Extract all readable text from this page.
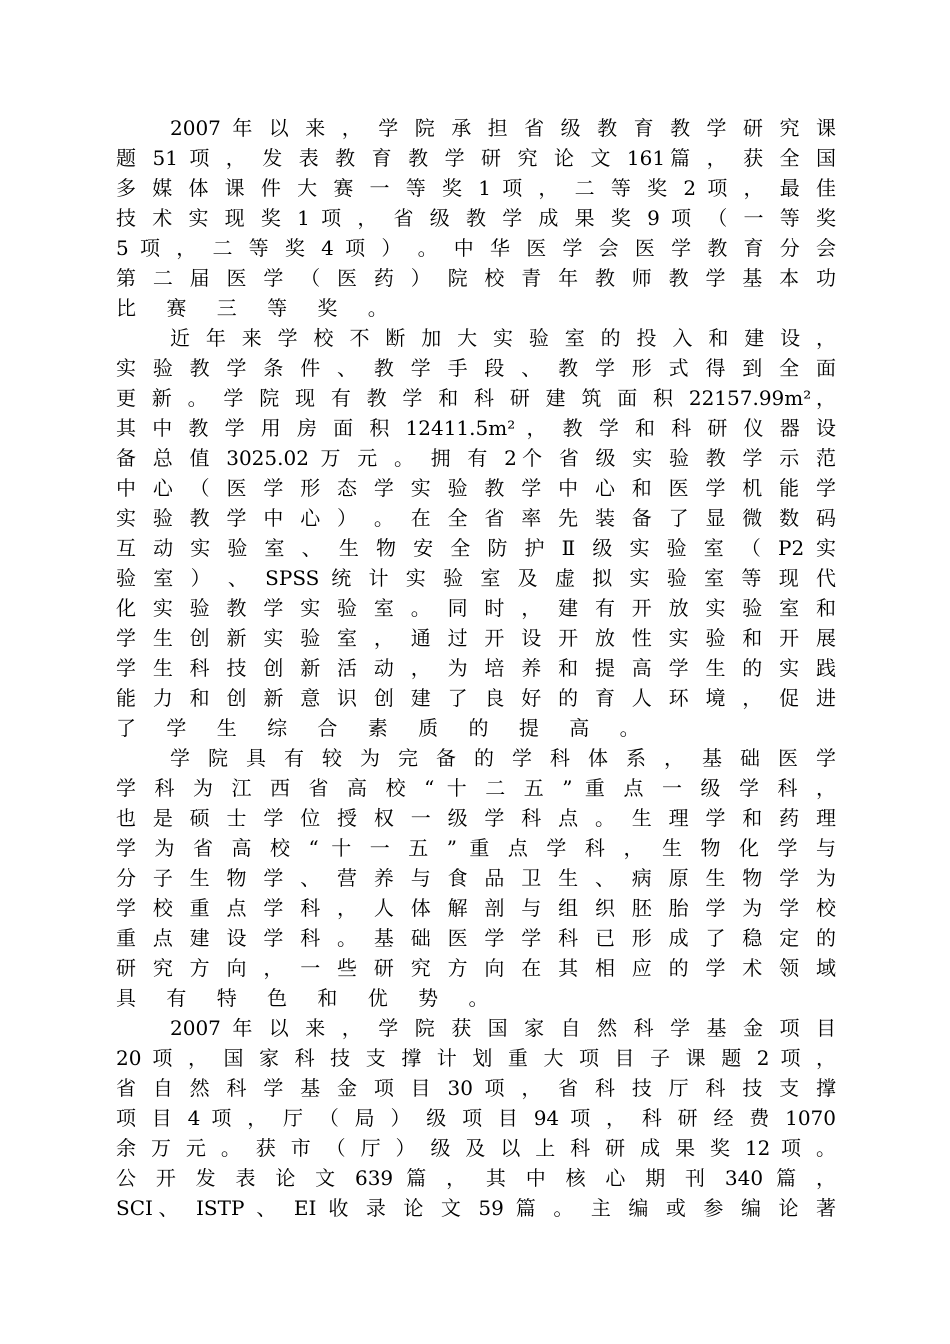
2007 年 以 来 ， 学 院 承 担 省 级 教 育 教 学 研 究 课
题 51 项 ， 发 表 教 育 教 学 研 究 论 文 161篇 ， 获 全 国
多 媒 体 课 件 大 赛 一 等 奖 1 项 ， 二 等 奖 2 项 ， 最 佳
技 术 实 现 奖 1 项 ， 省 级 教 学 成 果 奖 9 项 （ 一 等 奖
5 项 ， 二 等 奖 4 项 ） 。 中 华 医 学 会 医 学 教 育 分 会
第 二 届 医 学 （ 医 药 ） 院 校 青 年 教 师 教 学 基 本 功
比 赛 三 等 奖 。
近 年 来 学 校 不 断 加 大 实 验 室 的 投 入 和 建 设 ，
实 验 教 学 条 件 、 教 学 手 段 、 教 学 形 式 得 到 全 面
更 新 。 学 院 现 有 教 学 和 科 研 建 筑 面 积 22157.99m²，
其 中 教 学 用 房 面 积 12411.5m² ， 教 学 和 科 研 仪 器 设
备 总 值 3025.02 万 元 。 拥 有 2个 省 级 实 验 教 学 示 范
中 心 （ 医 学 形 态 学 实 验 教 学 中 心 和 医 学 机 能 学
实 验 教 学 中 心 ） 。 在 全 省 率 先 装 备 了 显 微 数 码
互 动 实 验 室 、 生 物 安 全 防 护 Ⅱ 级 实 验 室 （ P2 实
验 室 ） 、 SPSS 统 计 实 验 室 及 虚 拟 实 验 室 等 现 代
化 实 验 教 学 实 验 室 。 同 时 ， 建 有 开 放 实 验 室 和
学 生 创 新 实 验 室 ， 通 过 开 设 开 放 性 实 验 和 开 展
学 生 科 技 创 新 活 动 ， 为 培 养 和 提 高 学 生 的 实 践
能 力 和 创 新 意 识 创 建 了 良 好 的 育 人 环 境 ， 促 进
了 学 生 综 合 素 质 的 提 高 。
学 院 具 有 较 为 完 备 的 学 科 体 系 ， 基 础 医 学
学 科 为 江 西 省 高 校 “ 十 二 五 ” 重 点 一 级 学 科 ，
也 是 硕 士 学 位 授 权 一 级 学 科 点 。 生 理 学 和 药 理
学 为 省 高 校 “ 十 一 五 ” 重 点 学 科 ， 生 物 化 学 与
分 子 生 物 学 、 营 养 与 食 品 卫 生 、 病 原 生 物 学 为
学 校 重 点 学 科 ， 人 体 解 剖 与 组 织 胚 胎 学 为 学 校
重 点 建 设 学 科 。 基 础 医 学 学 科 已 形 成 了 稳 定 的
研 究 方 向 ， 一 些 研 究 方 向 在 其 相 应 的 学 术 领 域
具 有 特 色 和 优 势 。
2007 年 以 来 ， 学 院 获 国 家 自 然 科 学 基 金 项 目
20 项 ， 国 家 科 技 支 撑 计 划 重 大 项 目 子 课 题 2 项 ，
省 自 然 科 学 基 金 项 目 30 项 ， 省 科 技 厅 科 技 支 撑
项 目 4 项 ， 厅 （ 局 ） 级 项 目 94 项 ， 科 研 经 费 1070
余 万 元 。 获 市 （ 厅 ） 级 及 以 上 科 研 成 果 奖 12 项 。
公 开 发 表 论 文 639 篇 ， 其 中 核 心 期 刊 340 篇 ，
SCI、 ISTP 、 EI 收 录 论 文 59 篇 。 主 编 或 参 编 论 著
